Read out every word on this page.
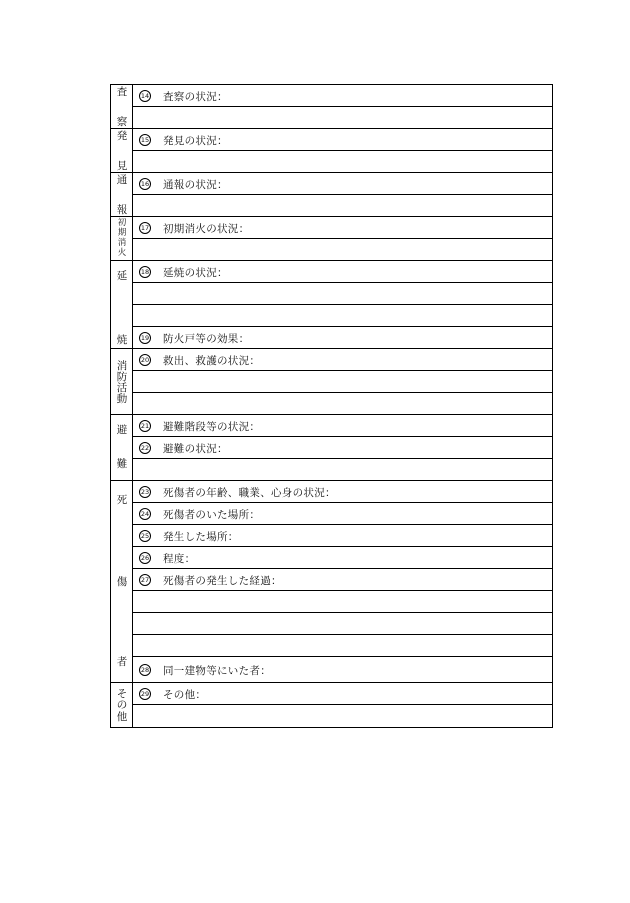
査
察
14 査察の状況：
発
見
15 発見の状況：
通
報
16 通報の状況：
初
期
消
火
17 初期消火の状況：
延
焼
18 延焼の状況：
19 防火戸等の効果：
消
防
活
動
20 救出、救護の状況：
避
難
21 避難階段等の状況：
22 避難の状況：
死
傷
者
23 死傷者の年齢、職業、心身の状況：
24 死傷者のいた場所：
25 発生した場所：
26 程度：
27 死傷者の発生した経過：
28 同一建物等にいた者：
そ
の
他
29 その他：
